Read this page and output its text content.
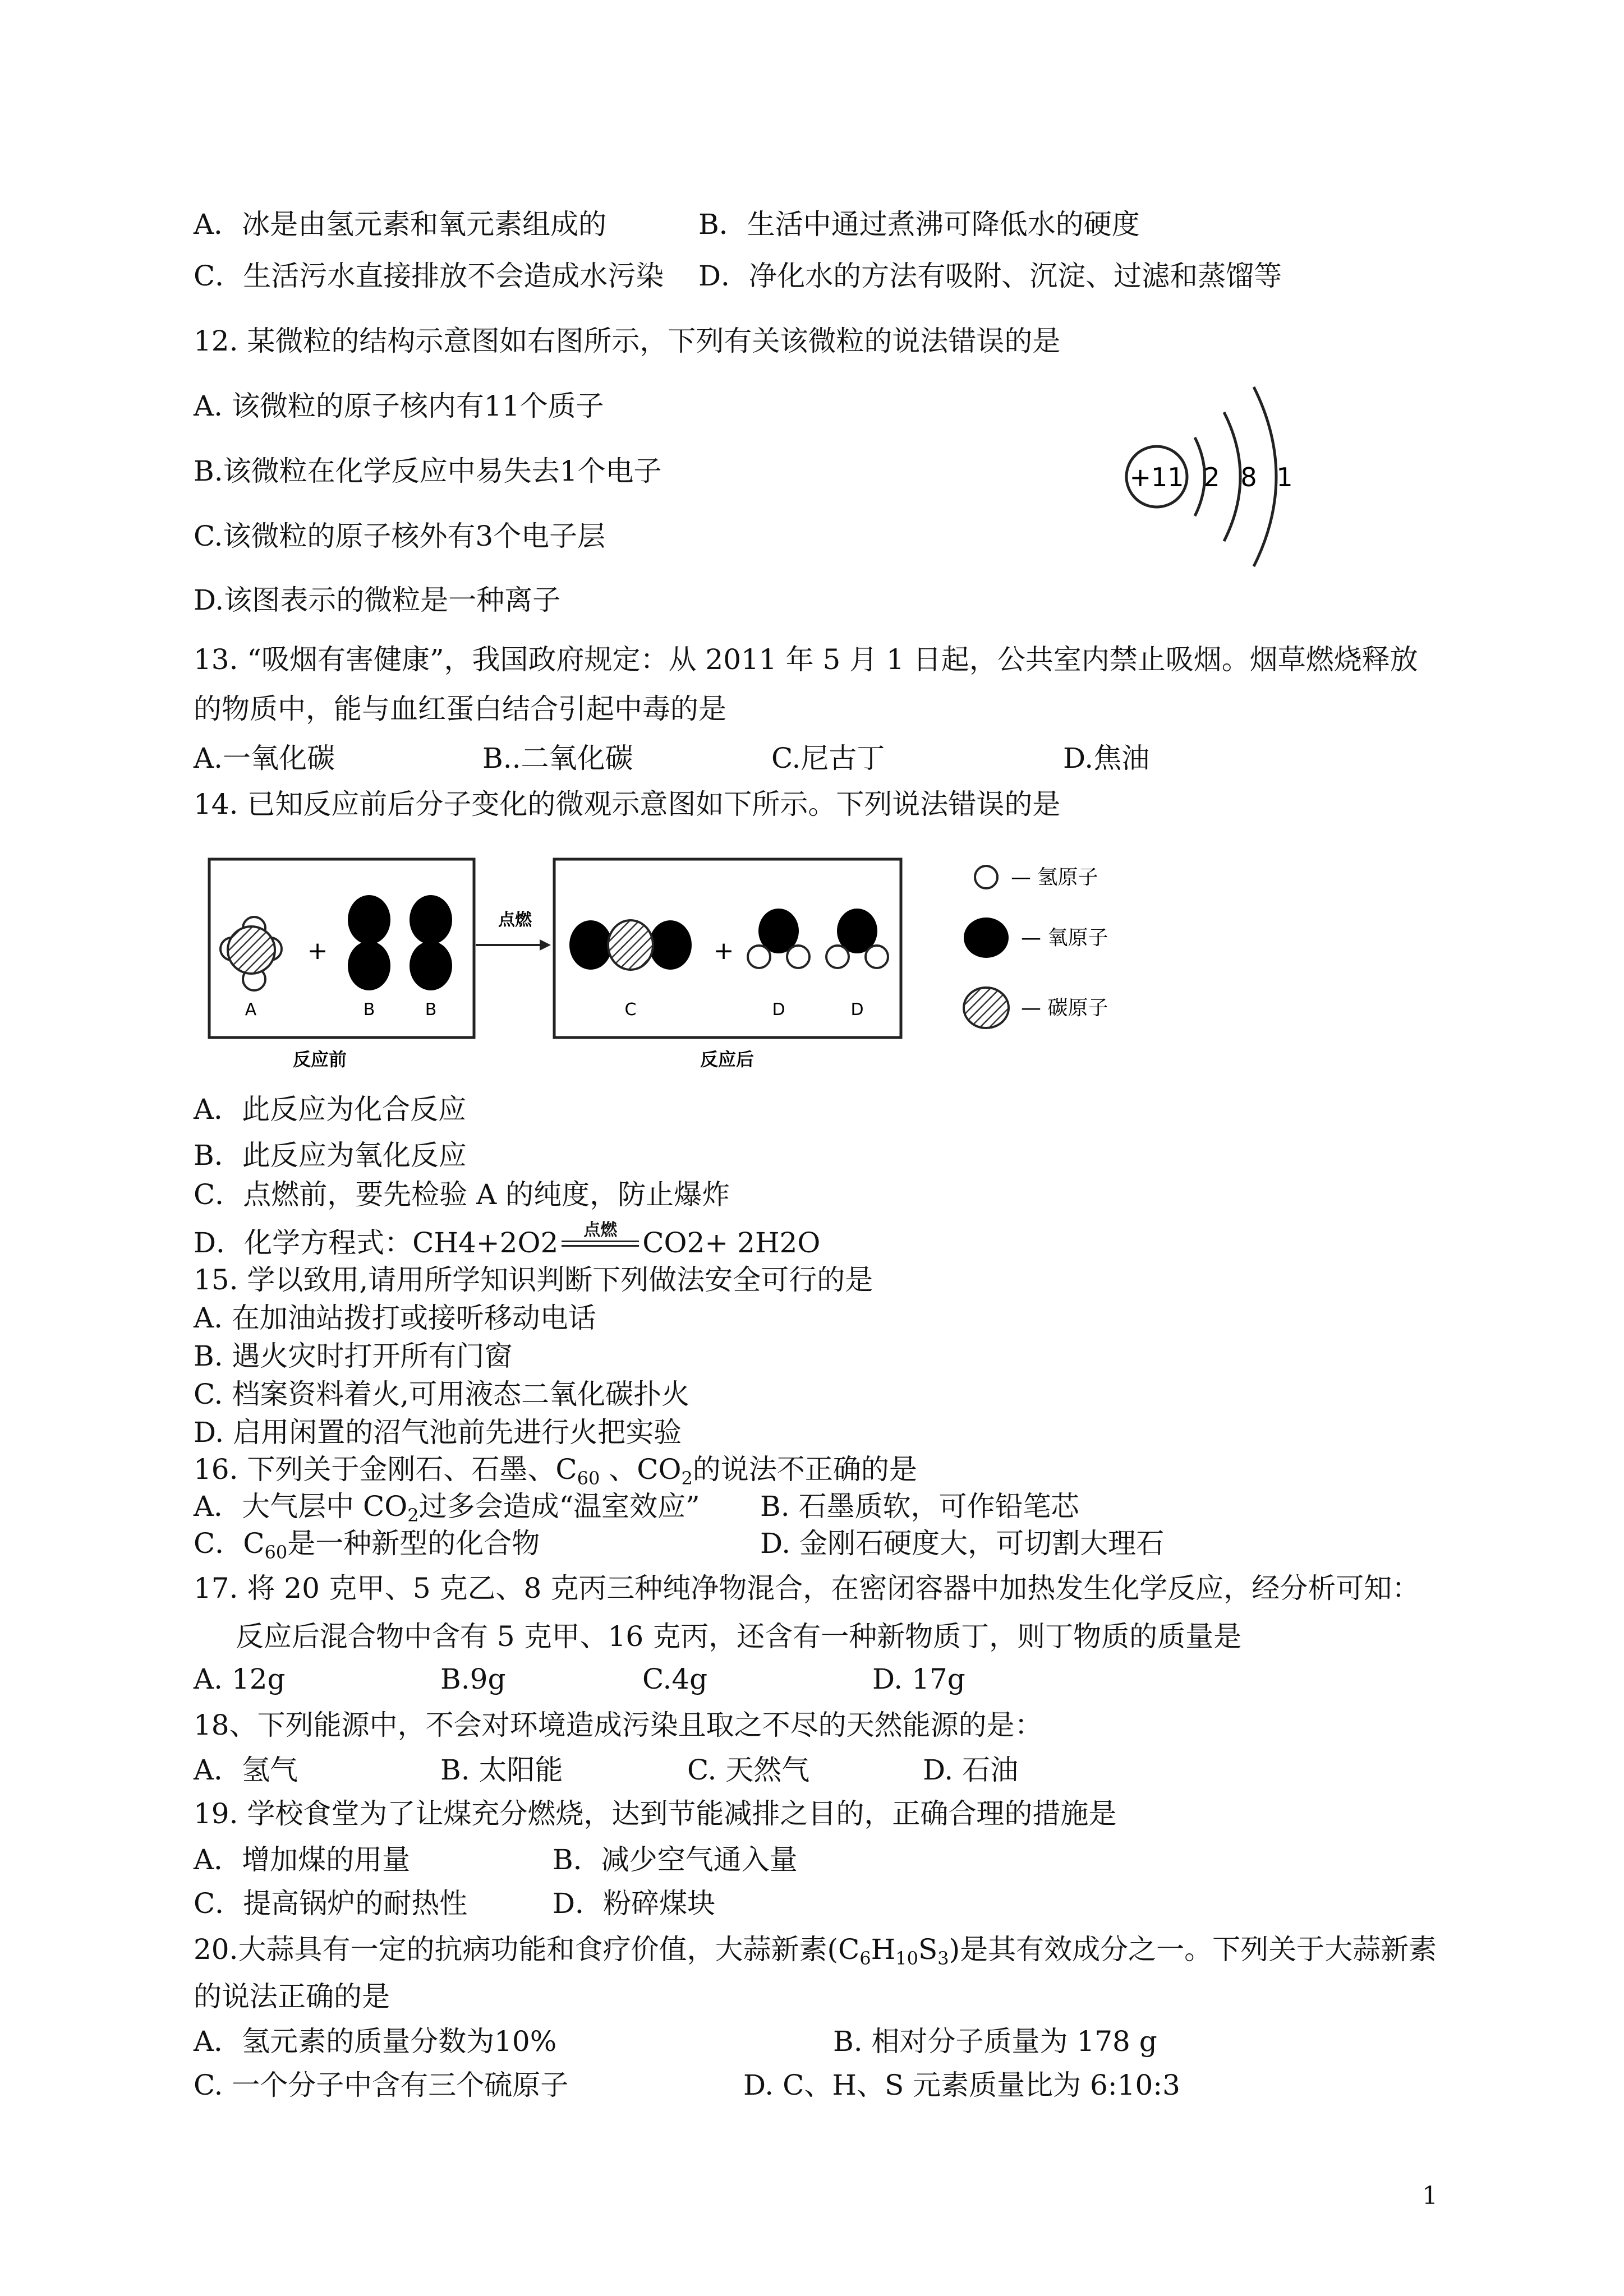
A．冰是由氢元素和氧元素组成的	B．生活中通过煮沸可降低水的硬度
C．生活污水直接排放不会造成水污染 D．净化水的方法有吸附、沉淀、过滤和蒸馏等
12. 某微粒的结构示意图如右图所示，下列有关该微粒的说法错误的是
A. 该微粒的原子核内有11个质子
B.该微粒在化学反应中易失去1个电子
C.该微粒的原子核外有3个电子层
D.该图表示的微粒是一种离子
+11 2 8 1
13. “吸烟有害健康”，我国政府规定：从 2011 年 5 月 1 日起，公共室内禁止吸烟。烟草燃烧释放
的物质中，能与血红蛋白结合引起中毒的是
A.一氧化碳	B..二氧化碳	C.尼古丁	D.焦油
14. 已知反应前后分子变化的微观示意图如下所示。下列说法错误的是
A
+
B	B
反应前
点燃
C
+
D	D
反应后
— 氢原子
— 氧原子
— 碳原子
A．此反应为化合反应
B．此反应为氧化反应
C．点燃前，要先检验 A 的纯度，防止爆炸
D．化学方程式：CH4+2O2	点燃 CO2+ 2H2O
15. 学以致用,请用所学知识判断下列做法安全可行的是
A. 在加油站拨打或接听移动电话
B. 遇火灾时打开所有门窗
C. 档案资料着火,可用液态二氧化碳扑火
D. 启用闲置的沼气池前先进行火把实验
16. 下列关于金刚石、石墨、$C_{60}$ 、$CO_2$的说法不正确的是
A．大气层中 $CO_2$过多会造成“温室效应” B. 石墨质软，可作铅笔芯
C．$C_{60}$是一种新型的化合物	D. 金刚石硬度大，可切割大理石
17. 将 20 克甲、5 克乙、8 克丙三种纯净物混合，在密闭容器中加热发生化学反应，经分析可知：
反应后混合物中含有 5 克甲、16 克丙，还含有一种新物质丁，则丁物质的质量是
A. 12g	B.9g	C.4g	D. 17g
18、下列能源中，不会对环境造成污染且取之不尽的天然能源的是：
A．氢气	B. 太阳能	C. 天然气	D. 石油
19. 学校食堂为了让煤充分燃烧，达到节能减排之目的，正确合理的措施是
A．增加煤的用量	B．减少空气通入量
C．提高锅炉的耐热性	D．粉碎煤块
20.大蒜具有一定的抗病功能和食疗价值，大蒜新素$(C_6H_{10}S_3)$是其有效成分之一。下列关于大蒜新素
的说法正确的是
A．氢元素的质量分数为10%	B. 相对分子质量为 178 g
C. 一个分子中含有三个硫原子	D. C、H、S 元素质量比为 6:10:3
1
